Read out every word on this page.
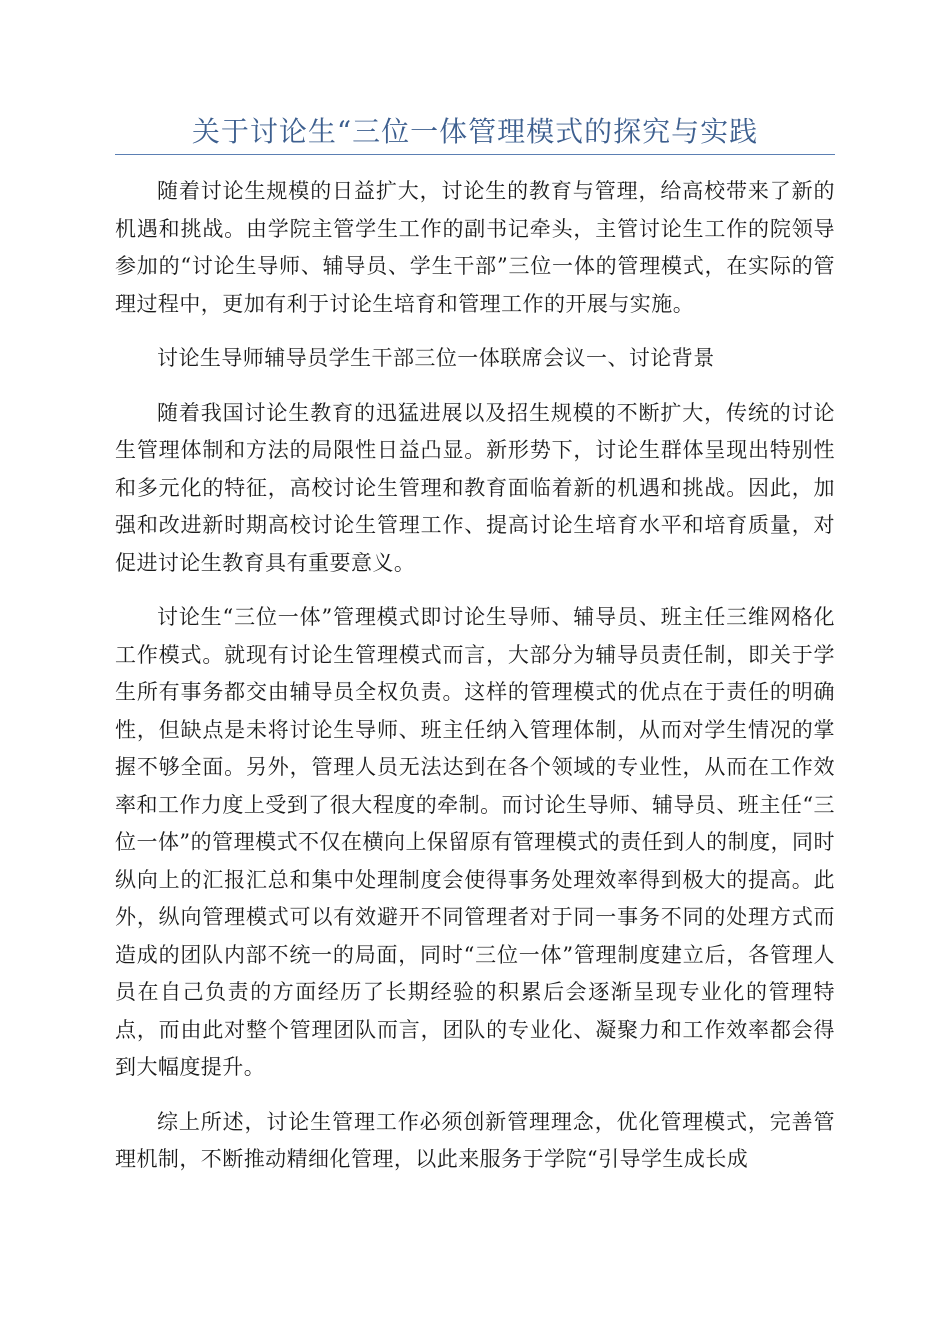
关于讨论生“三位一体管理模式的探究与实践

随着讨论生规模的日益扩大，讨论生的教育与管理，给高校带来了新的机遇和挑战。由学院主管学生工作的副书记牵头，主管讨论生工作的院领导参加的“讨论生导师、辅导员、学生干部”三位一体的管理模式，在实际的管理过程中，更加有利于讨论生培育和管理工作的开展与实施。

讨论生导师辅导员学生干部三位一体联席会议一、讨论背景

随着我国讨论生教育的迅猛进展以及招生规模的不断扩大，传统的讨论生管理体制和方法的局限性日益凸显。新形势下，讨论生群体呈现出特别性和多元化的特征，高校讨论生管理和教育面临着新的机遇和挑战。因此，加强和改进新时期高校讨论生管理工作、提高讨论生培育水平和培育质量，对促进讨论生教育具有重要意义。

讨论生“三位一体”管理模式即讨论生导师、辅导员、班主任三维网格化工作模式。就现有讨论生管理模式而言，大部分为辅导员责任制，即关于学生所有事务都交由辅导员全权负责。这样的管理模式的优点在于责任的明确性，但缺点是未将讨论生导师、班主任纳入管理体制，从而对学生情况的掌握不够全面。另外，管理人员无法达到在各个领域的专业性，从而在工作效率和工作力度上受到了很大程度的牵制。而讨论生导师、辅导员、班主任“三位一体”的管理模式不仅在横向上保留原有管理模式的责任到人的制度，同时纵向上的汇报汇总和集中处理制度会使得事务处理效率得到极大的提高。此外，纵向管理模式可以有效避开不同管理者对于同一事务不同的处理方式而造成的团队内部不统一的局面，同时“三位一体”管理制度建立后，各管理人员在自己负责的方面经历了长期经验的积累后会逐渐呈现专业化的管理特点，而由此对整个管理团队而言，团队的专业化、凝聚力和工作效率都会得到大幅度提升。

综上所述，讨论生管理工作必须创新管理理念，优化管理模式，完善管理机制，不断推动精细化管理，以此来服务于学院“引导学生成长成
